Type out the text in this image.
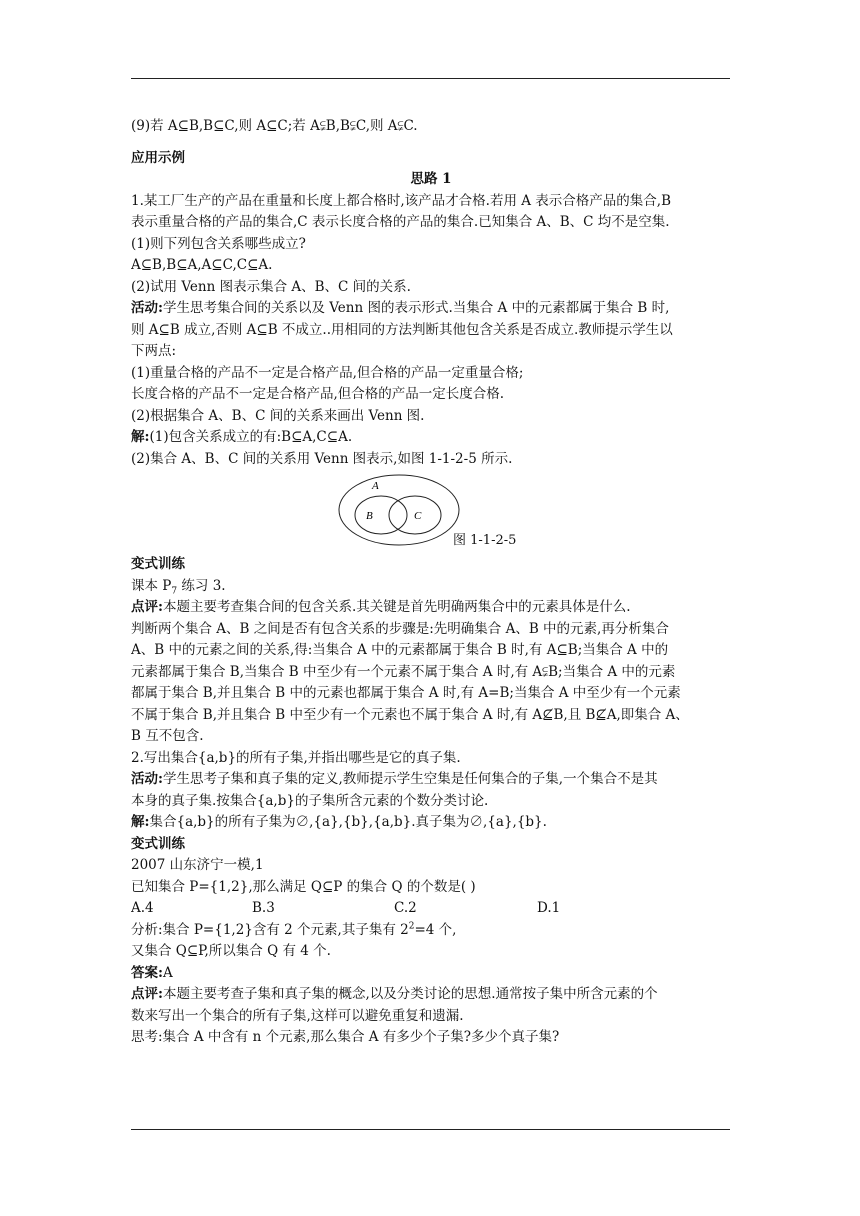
(9)若 A⊆B,B⊆C,则 A⊆C;若 A⫋B,B⫋C,则 A⫋C.
应用示例
思路 1
1.某工厂生产的产品在重量和长度上都合格时,该产品才合格.若用 A 表示合格产品的集合,B
表示重量合格的产品的集合,C 表示长度合格的产品的集合.已知集合 A、B、C 均不是空集.
(1)则下列包含关系哪些成立?
A⊆B,B⊆A,A⊆C,C⊆A.
(2)试用 Venn 图表示集合 A、B、C 间的关系.
活动:学生思考集合间的关系以及 Venn 图的表示形式.当集合 A 中的元素都属于集合 B 时,
则 A⊆B 成立,否则 A⊆B 不成立..用相同的方法判断其他包含关系是否成立.教师提示学生以
下两点:
(1)重量合格的产品不一定是合格产品,但合格的产品一定重量合格;
长度合格的产品不一定是合格产品,但合格的产品一定长度合格.
(2)根据集合 A、B、C 间的关系来画出 Venn 图.
解:(1)包含关系成立的有:B⊆A,C⊆A.
(2)集合 A、B、C 间的关系用 Venn 图表示,如图 1-1-2-5 所示.
A
B	C
图 1-1-2-5
变式训练
课本 $P_7$ 练习 3.
点评:本题主要考查集合间的包含关系.其关键是首先明确两集合中的元素具体是什么.
判断两个集合 A、B 之间是否有包含关系的步骤是:先明确集合 A、B 中的元素,再分析集合
A、B 中的元素之间的关系,得:当集合 A 中的元素都属于集合 B 时,有 A⊆B;当集合 A 中的
元素都属于集合 B,当集合 B 中至少有一个元素不属于集合 A 时,有 A⫋B;当集合 A 中的元素
都属于集合 B,并且集合 B 中的元素也都属于集合 A 时,有 A=B;当集合 A 中至少有一个元素
不属于集合 B,并且集合 B 中至少有一个元素也不属于集合 A 时,有 A⊈B,且 B⊈A,即集合 A、
B 互不包含.
2.写出集合{a,b}的所有子集,并指出哪些是它的真子集.
活动:学生思考子集和真子集的定义,教师提示学生空集是任何集合的子集,一个集合不是其
本身的真子集.按集合{a,b}的子集所含元素的个数分类讨论.
解:集合{a,b}的所有子集为∅,{a},{b},{a,b}.真子集为∅,{a},{b}.
变式训练
2007 山东济宁一模,1
已知集合 P={1,2},那么满足 Q⊆P 的集合 Q 的个数是( )
A.4	B.3	C.2	D.1
分析:集合 P={1,2}含有 2 个元素,其子集有 $2^2=4$ 个,
又集合 Q⊆P,所以集合 Q 有 4 个.
答案:A
点评:本题主要考查子集和真子集的概念,以及分类讨论的思想.通常按子集中所含元素的个
数来写出一个集合的所有子集,这样可以避免重复和遗漏.
思考:集合 A 中含有 n 个元素,那么集合 A 有多少个子集?多少个真子集?
